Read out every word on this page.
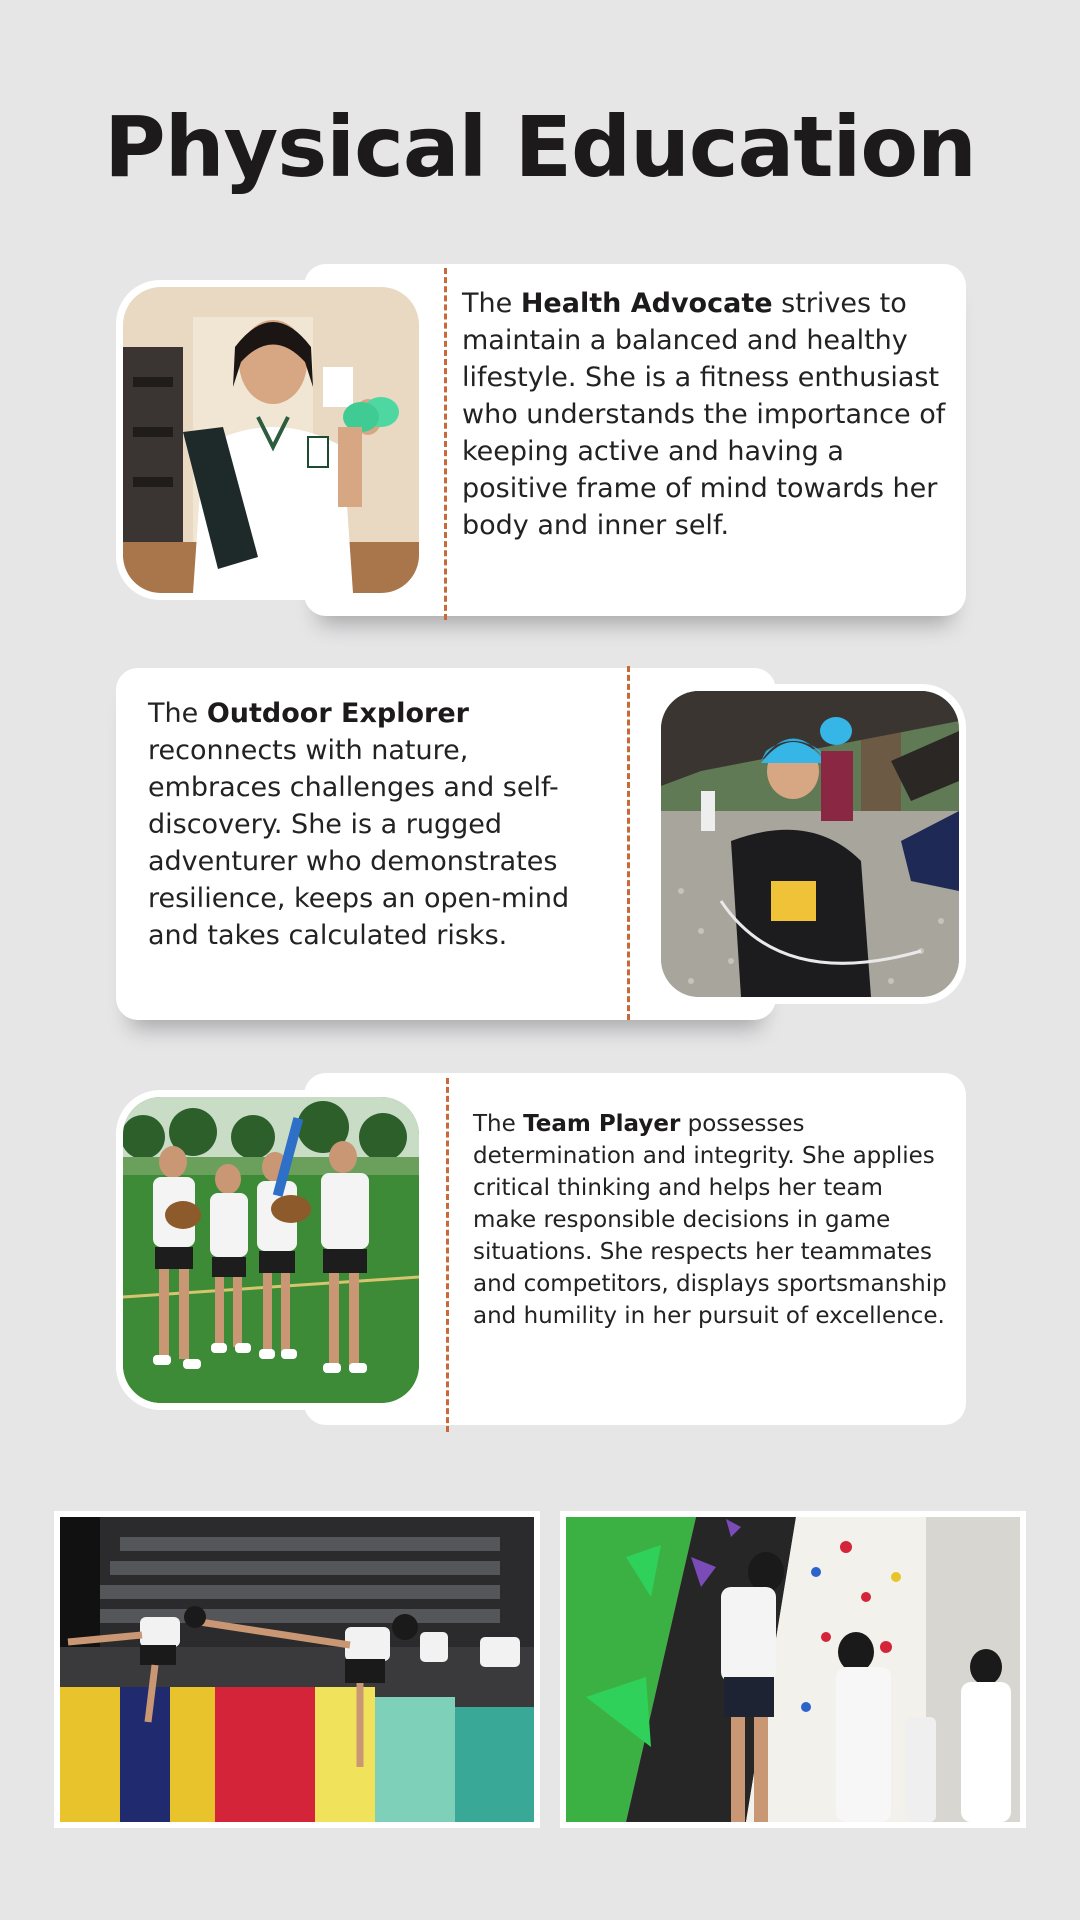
Physical Education

The Health Advocate strives to maintain a balanced and healthy lifestyle. She is a fitness enthusiast who understands the importance of keeping active and having a positive frame of mind towards her body and inner self.

The Outdoor Explorer reconnects with nature, embraces challenges and self-discovery. She is a rugged adventurer who demonstrates resilience, keeps an open-mind and takes calculated risks.

The Team Player possesses determination and integrity. She applies critical thinking and helps her team make responsible decisions in game situations. She respects her teammates and competitors, displays sportsmanship and humility in her pursuit of excellence.
